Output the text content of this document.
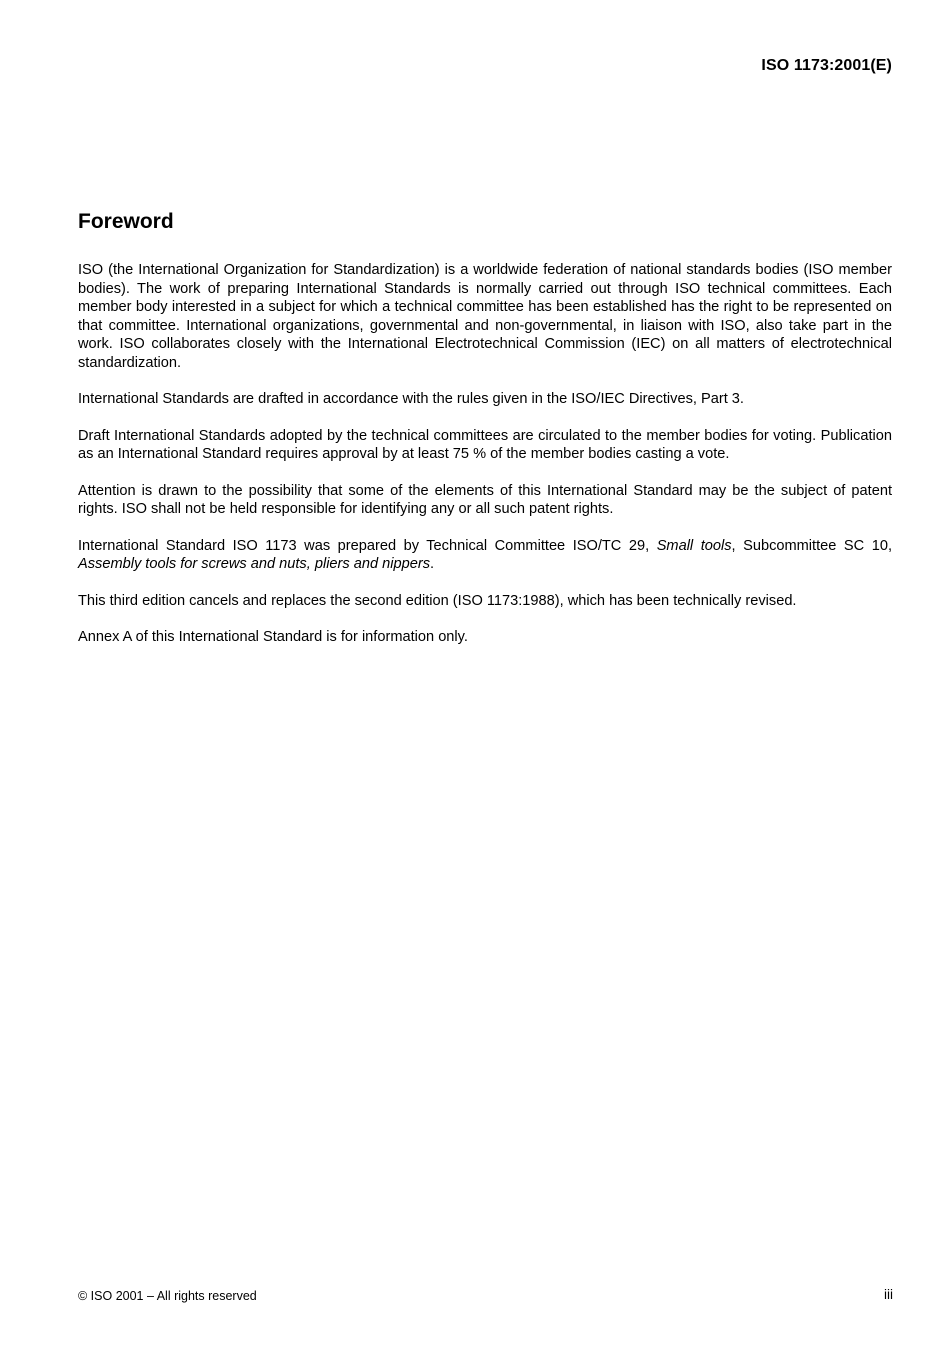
ISO 1173:2001(E)
Foreword

ISO (the International Organization for Standardization) is a worldwide federation of national standards bodies (ISO member bodies). The work of preparing International Standards is normally carried out through ISO technical committees. Each member body interested in a subject for which a technical committee has been established has the right to be represented on that committee. International organizations, governmental and non-governmental, in liaison with ISO, also take part in the work. ISO collaborates closely with the International Electrotechnical Commission (IEC) on all matters of electrotechnical standardization.

International Standards are drafted in accordance with the rules given in the ISO/IEC Directives, Part 3.

Draft International Standards adopted by the technical committees are circulated to the member bodies for voting. Publication as an International Standard requires approval by at least 75 % of the member bodies casting a vote.

Attention is drawn to the possibility that some of the elements of this International Standard may be the subject of patent rights. ISO shall not be held responsible for identifying any or all such patent rights.

International Standard ISO 1173 was prepared by Technical Committee ISO/TC 29, Small tools, Subcommittee SC 10, Assembly tools for screws and nuts, pliers and nippers.

This third edition cancels and replaces the second edition (ISO 1173:1988), which has been technically revised.

Annex A of this International Standard is for information only.

© ISO 2001 – All rights reserved	iii
